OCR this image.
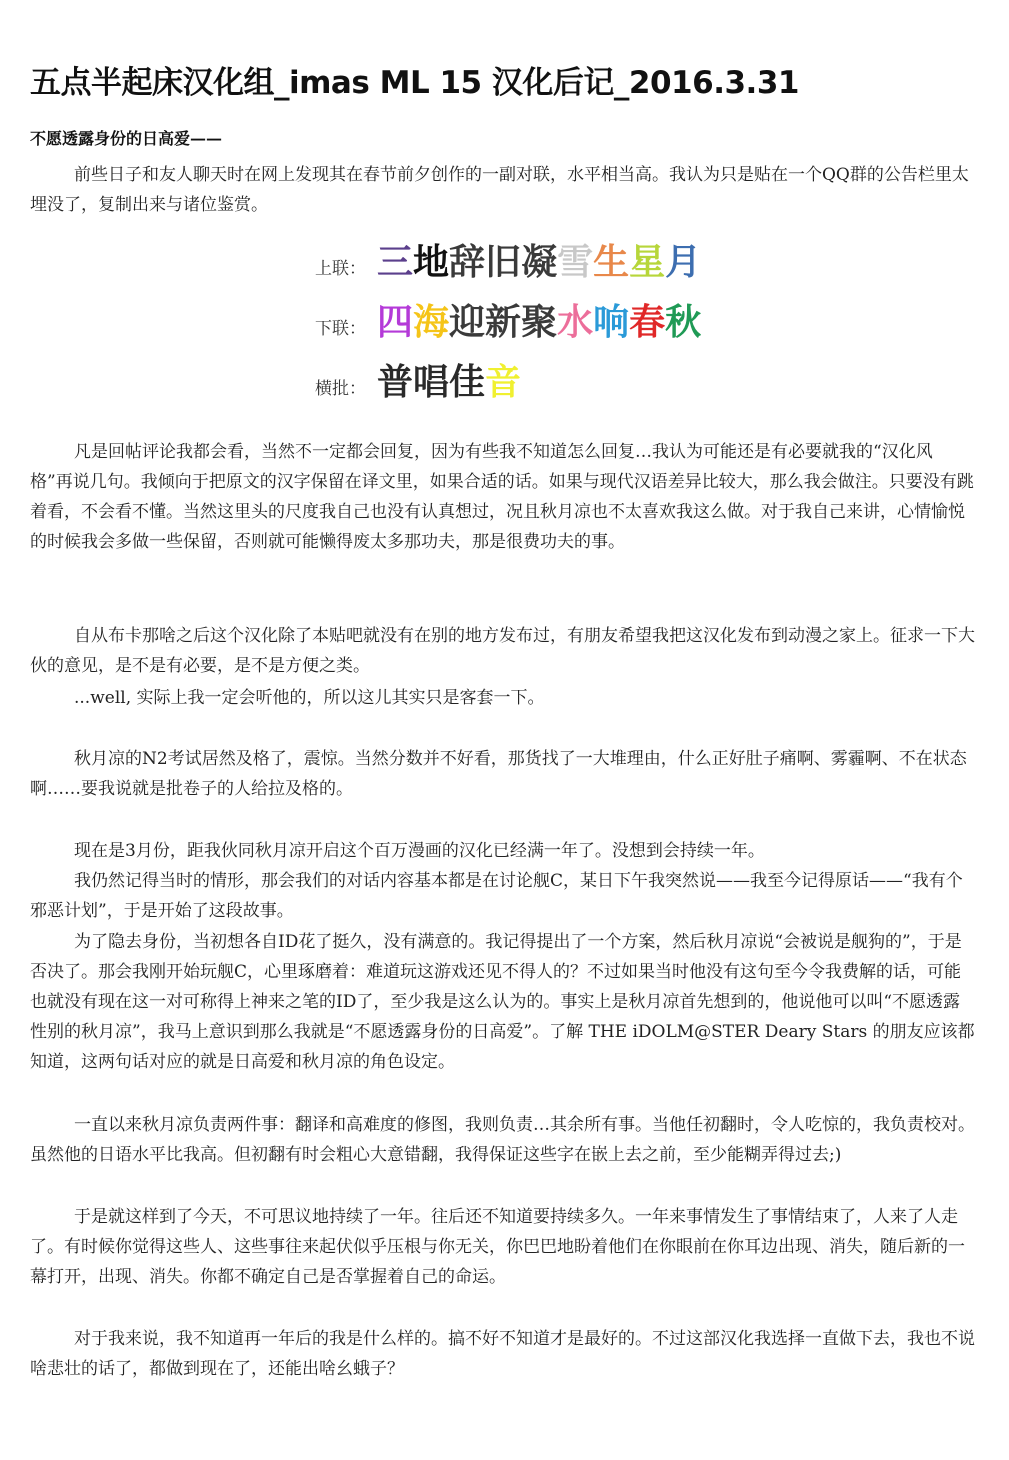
五点半起床汉化组_imas ML 15 汉化后记_2016.3.31
不愿透露身份的日高爱——

前些日子和友人聊天时在网上发现其在春节前夕创作的一副对联，水平相当高。我认为只是贴在一个QQ群的公告栏里太埋没了，复制出来与诸位鉴赏。

上联： 三地辞旧凝雪生星月
下联： 四海迎新聚水响春秋
横批： 普唱佳音

凡是回帖评论我都会看，当然不一定都会回复，因为有些我不知道怎么回复…我认为可能还是有必要就我的“汉化风格”再说几句。我倾向于把原文的汉字保留在译文里，如果合适的话。如果与现代汉语差异比较大，那么我会做注。只要没有跳着看，不会看不懂。当然这里头的尺度我自己也没有认真想过，况且秋月凉也不太喜欢我这么做。对于我自己来讲，心情愉悦的时候我会多做一些保留，否则就可能懒得废太多那功夫，那是很费功夫的事。

自从布卡那啥之后这个汉化除了本贴吧就没有在别的地方发布过，有朋友希望我把这汉化发布到动漫之家上。征求一下大伙的意见，是不是有必要，是不是方便之类。

...well, 实际上我一定会听他的，所以这儿其实只是客套一下。

秋月凉的N2考试居然及格了，震惊。当然分数并不好看，那货找了一大堆理由，什么正好肚子痛啊、雾霾啊、不在状态啊……要我说就是批卷子的人给拉及格的。

现在是3月份，距我伙同秋月凉开启这个百万漫画的汉化已经满一年了。没想到会持续一年。

我仍然记得当时的情形，那会我们的对话内容基本都是在讨论舰C，某日下午我突然说——我至今记得原话——“我有个邪恶计划”，于是开始了这段故事。

为了隐去身份，当初想各自ID花了挺久，没有满意的。我记得提出了一个方案，然后秋月凉说“会被说是舰狗的”，于是否决了。那会我刚开始玩舰C，心里琢磨着：难道玩这游戏还见不得人的？不过如果当时他没有这句至今令我费解的话，可能也就没有现在这一对可称得上神来之笔的ID了，至少我是这么认为的。事实上是秋月凉首先想到的，他说他可以叫“不愿透露性别的秋月凉”，我马上意识到那么我就是“不愿透露身份的日高爱”。了解 THE iDOLM@STER Deary Stars 的朋友应该都知道，这两句话对应的就是日高爱和秋月凉的角色设定。

一直以来秋月凉负责两件事：翻译和高难度的修图，我则负责…其余所有事。当他任初翻时，令人吃惊的，我负责校对。虽然他的日语水平比我高。但初翻有时会粗心大意错翻，我得保证这些字在嵌上去之前，至少能糊弄得过去;)

于是就这样到了今天，不可思议地持续了一年。往后还不知道要持续多久。一年来事情发生了事情结束了，人来了人走了。有时候你觉得这些人、这些事往来起伏似乎压根与你无关，你巴巴地盼着他们在你眼前在你耳边出现、消失，随后新的一幕打开，出现、消失。你都不确定自己是否掌握着自己的命运。

对于我来说，我不知道再一年后的我是什么样的。搞不好不知道才是最好的。不过这部汉化我选择一直做下去，我也不说啥悲壮的话了，都做到现在了，还能出啥幺蛾子？
